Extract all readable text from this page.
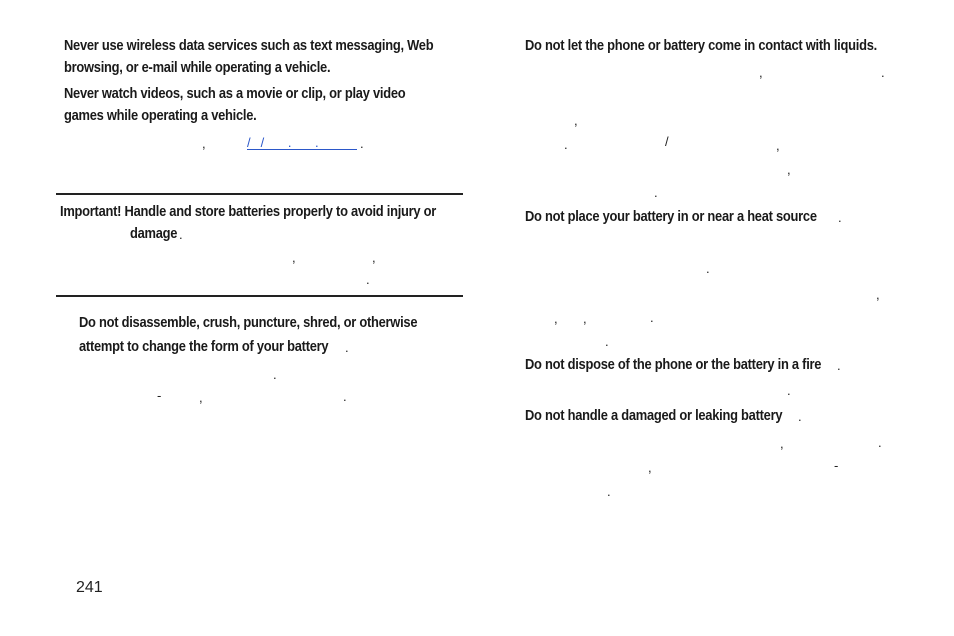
Never use wireless data services such as text messaging, Web
browsing, or e-mail while operating a vehicle.
Never watch videos, such as a movie or clip, or play video
games while operating a vehicle.
,	// . .	.
Important! Handle and store batteries properly to avoid injury or
damage .
,	,
.
Do not disassemble, crush, puncture, shred, or otherwise
attempt to change the form of your battery .
.
-	,	.
Do not let the phone or battery come in contact with liquids.
,	.
,
.	/	,
,
.
Do not place your battery in or near a heat source .
.
,
, ,	.
.
Do not dispose of the phone or the battery in a fire .
.
Do not handle a damaged or leaking battery .
,	.
,	-
.
241
